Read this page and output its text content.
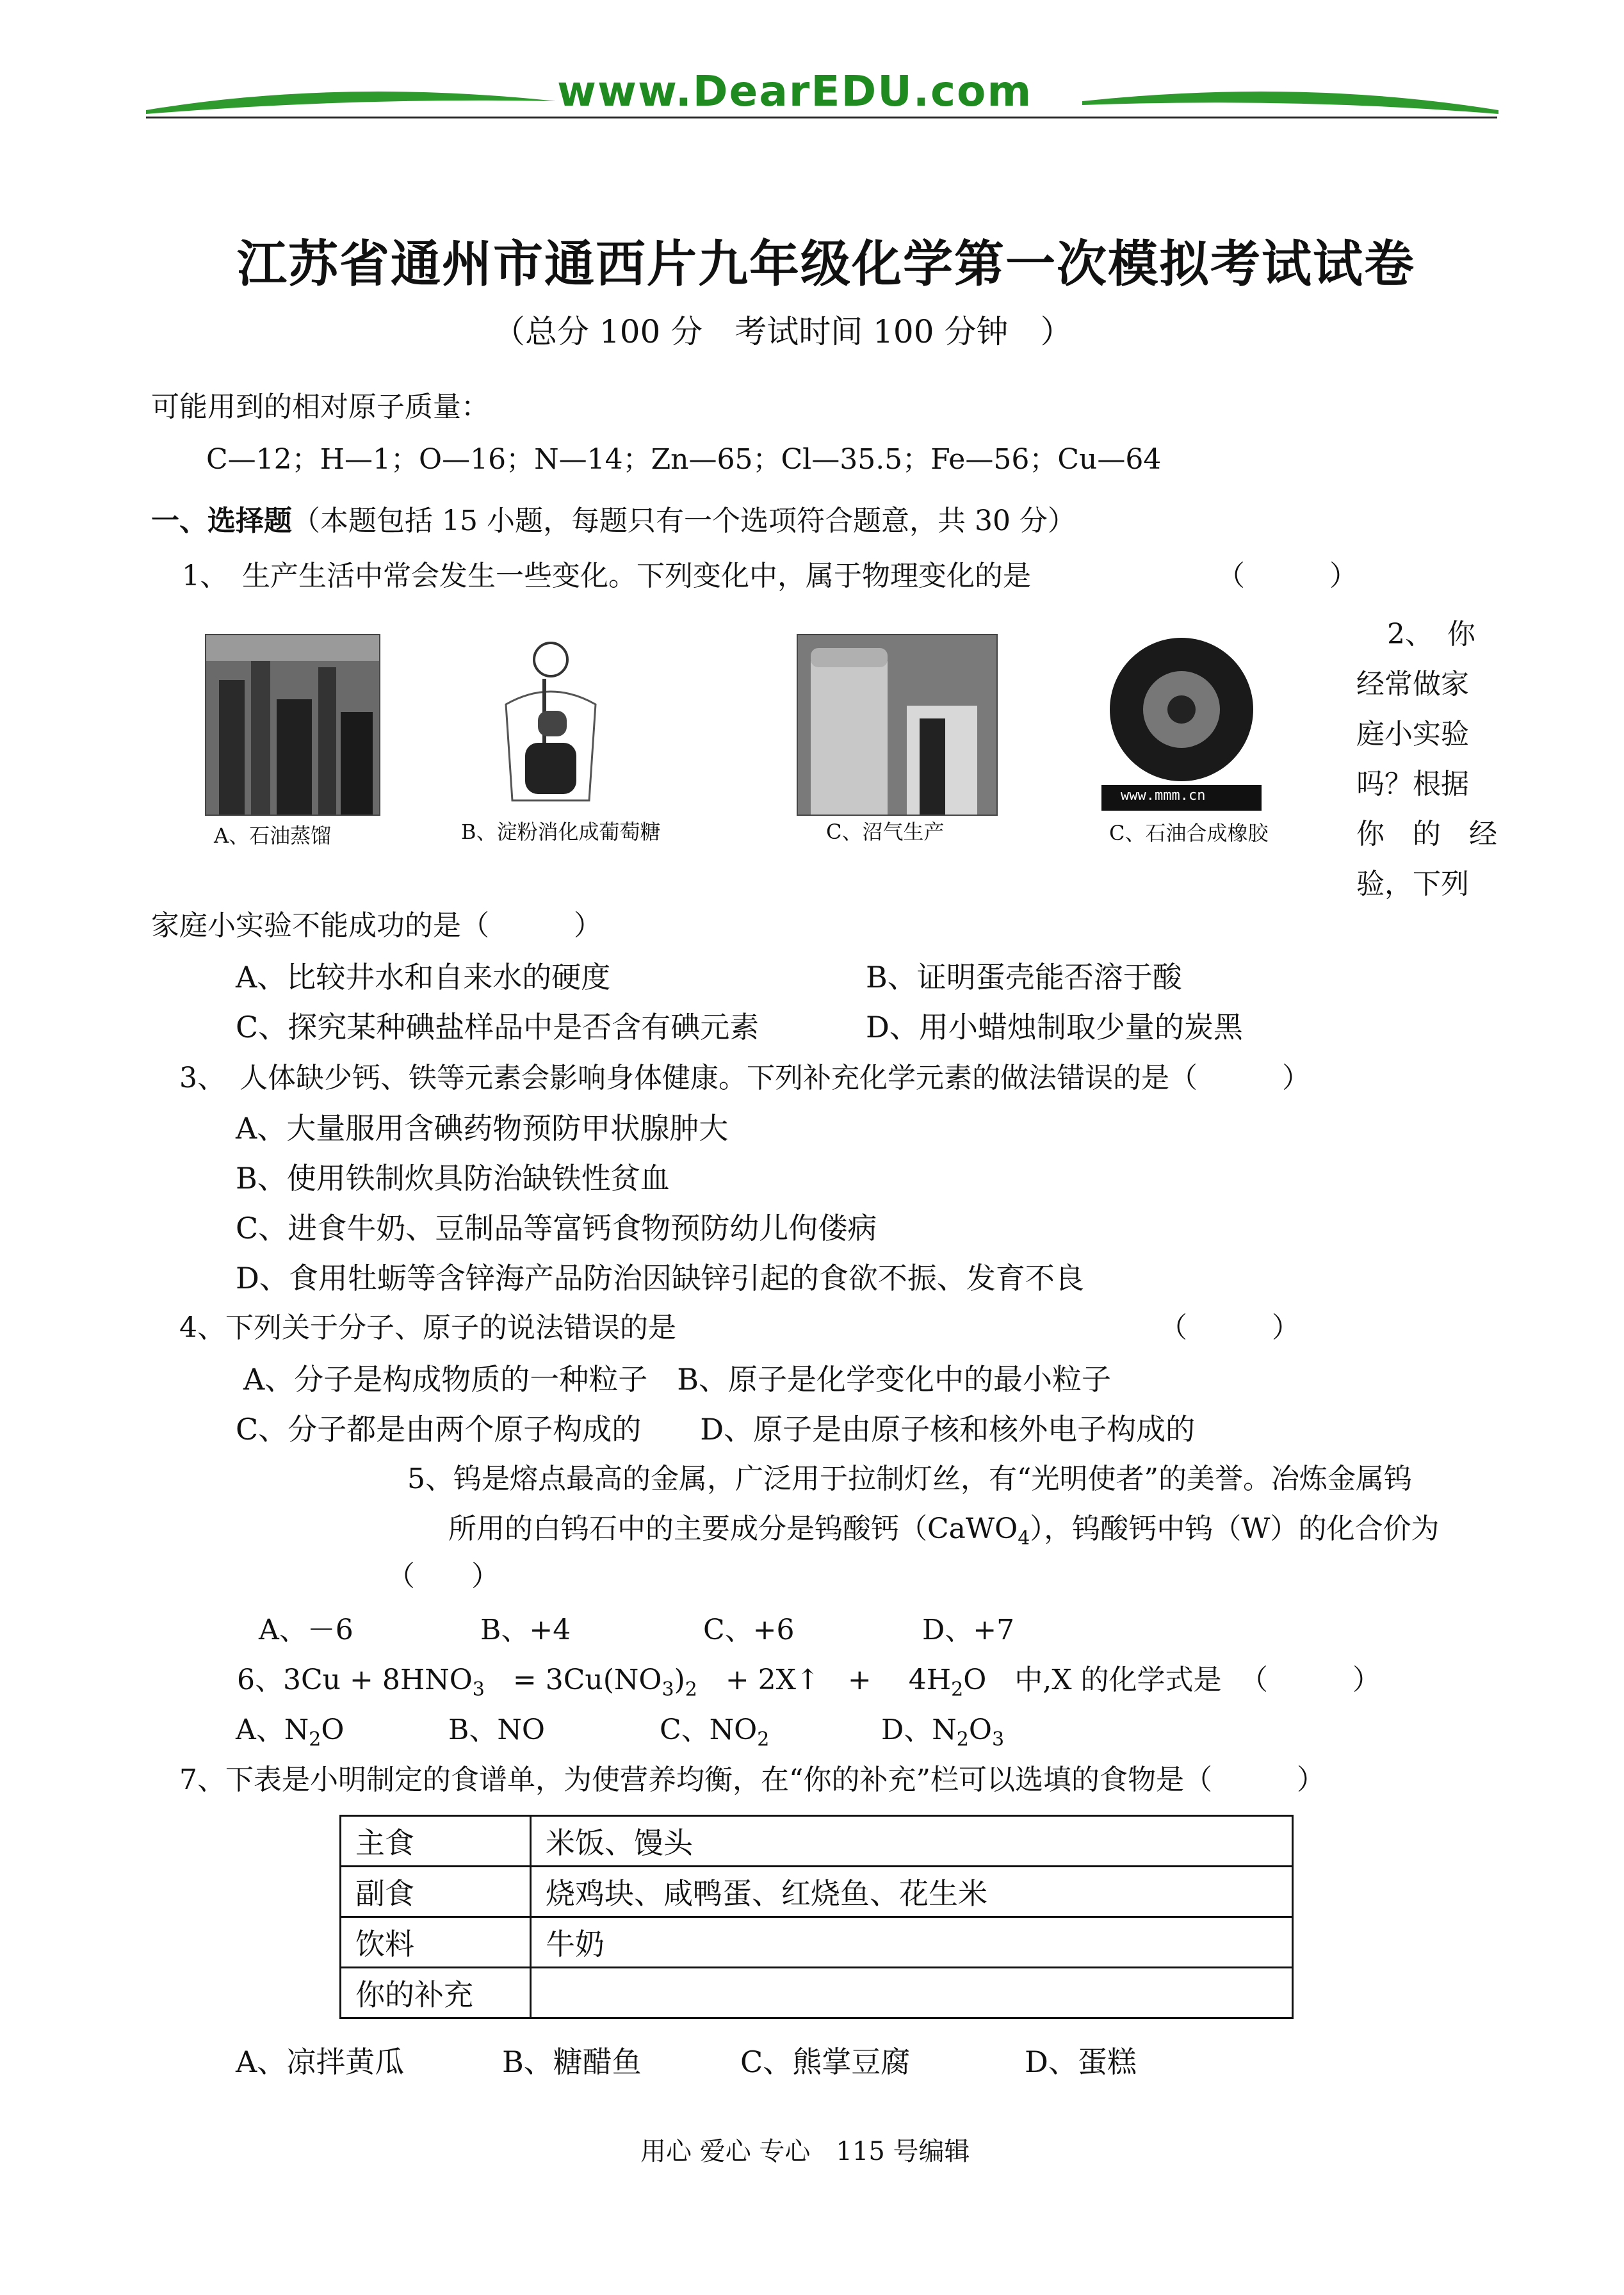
www.DearEDU.com
江苏省通州市通西片九年级化学第一次模拟考试试卷
（总分 100 分　考试时间 100 分钟　）
可能用到的相对原子质量：
C—12；H—1；O—16；N—14；Zn—65；Cl—35.5；Fe—56；Cu—64
一、选择题（本题包括 15 小题，每题只有一个选项符合题意，共 30 分）
1、　生产生活中常会发生一些变化。下列变化中，属于物理变化的是	（　　　）
A、石油蒸馏	B、淀粉消化成葡萄糖	C、沼气生产
www.mmm.cn
C、石油合成橡胶
2、　你
经常做家
庭小实验
吗？根据
你　的　经
验，下列
家庭小实验不能成功的是（　　　）
A、比较井水和自来水的硬度	B、证明蛋壳能否溶于酸
C、探究某种碘盐样品中是否含有碘元素	D、用小蜡烛制取少量的炭黑
3、　人体缺少钙、铁等元素会影响身体健康。下列补充化学元素的做法错误的是（　　　）
A、大量服用含碘药物预防甲状腺肿大
B、使用铁制炊具防治缺铁性贫血
C、进食牛奶、豆制品等富钙食物预防幼儿佝偻病
D、食用牡蛎等含锌海产品防治因缺锌引起的食欲不振、发育不良
4、下列关于分子、原子的说法错误的是	（　　　）
A、分子是构成物质的一种粒子　B、原子是化学变化中的最小粒子
C、分子都是由两个原子构成的　　D、原子是由原子核和核外电子构成的
5、钨是熔点最高的金属，广泛用于拉制灯丝，有“光明使者”的美誉。冶炼金属钨
所用的白钨石中的主要成分是钨酸钙（CaWO$_4$），钨酸钙中钨（W）的化合价为
（　　）
A、－6	B、+4	C、+6	D、+7
6、$3Cu + 8HNO_3$　= $3Cu(NO_3)_2$　+ 2X↑　+　 $4H_2O$　中,X 的化学式是 （　　　）
A、$N_2O$	B、NO	C、$NO_2$	D、$N_2O_3$
7、下表是小明制定的食谱单，为使营养均衡，在“你的补充”栏可以选填的食物是（　　　）
主食	米饭、馒头
副食	烧鸡块、咸鸭蛋、红烧鱼、花生米
饮料	牛奶
你的补充	
A、凉拌黄瓜	B、糖醋鱼	C、熊掌豆腐	D、蛋糕
用心 爱心 专心　115 号编辑
